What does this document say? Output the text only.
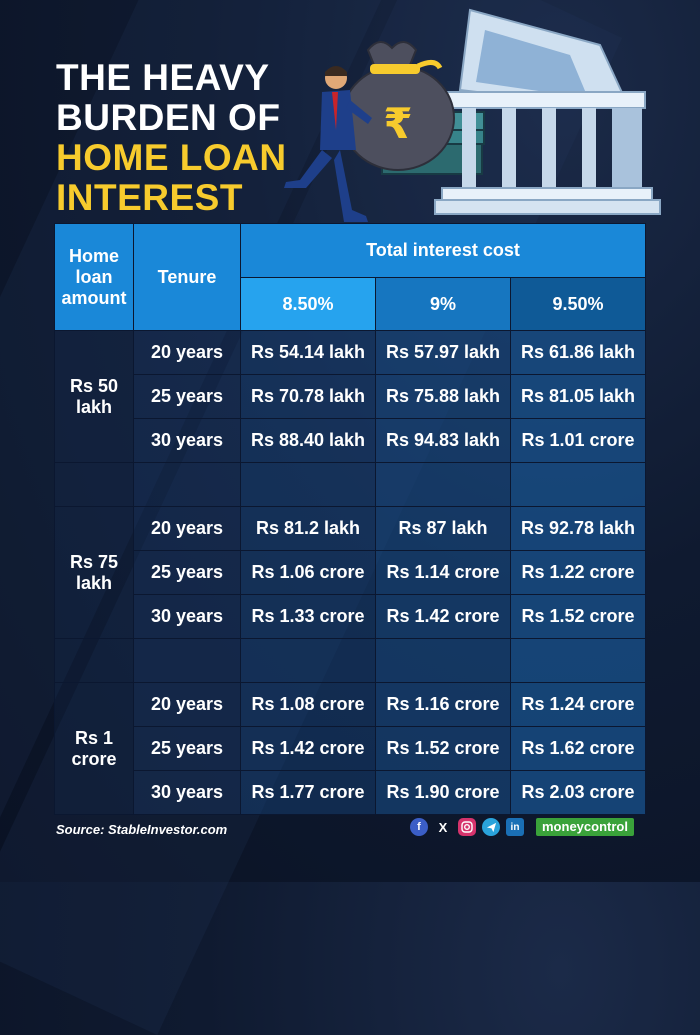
THE HEAVY
BURDEN OF
HOME LOAN
INTEREST
₹
Home loan amount	Tenure	Total interest cost		
		8.50%	9%	9.50%
Rs 50 lakh	20 years	Rs 54.14 lakh	Rs 57.97 lakh	Rs 61.86 lakh
	25 years	Rs 70.78 lakh	Rs 75.88 lakh	Rs 81.05 lakh
	30 years	Rs 88.40 lakh	Rs 94.83 lakh	Rs 1.01 crore

Rs 75 lakh	20 years	Rs 81.2 lakh	Rs 87 lakh	Rs 92.78 lakh
	25 years	Rs 1.06 crore	Rs 1.14 crore	Rs 1.22 crore
	30 years	Rs 1.33 crore	Rs 1.42 crore	Rs 1.52 crore

Rs 1 crore	20 years	Rs 1.08 crore	Rs 1.16 crore	Rs 1.24 crore
	25 years	Rs 1.42 crore	Rs 1.52 crore	Rs 1.62 crore
	30 years	Rs 1.77 crore	Rs 1.90 crore	Rs 2.03 crore
Source: StableInvestor.com	f	X	in	moneycontrol
